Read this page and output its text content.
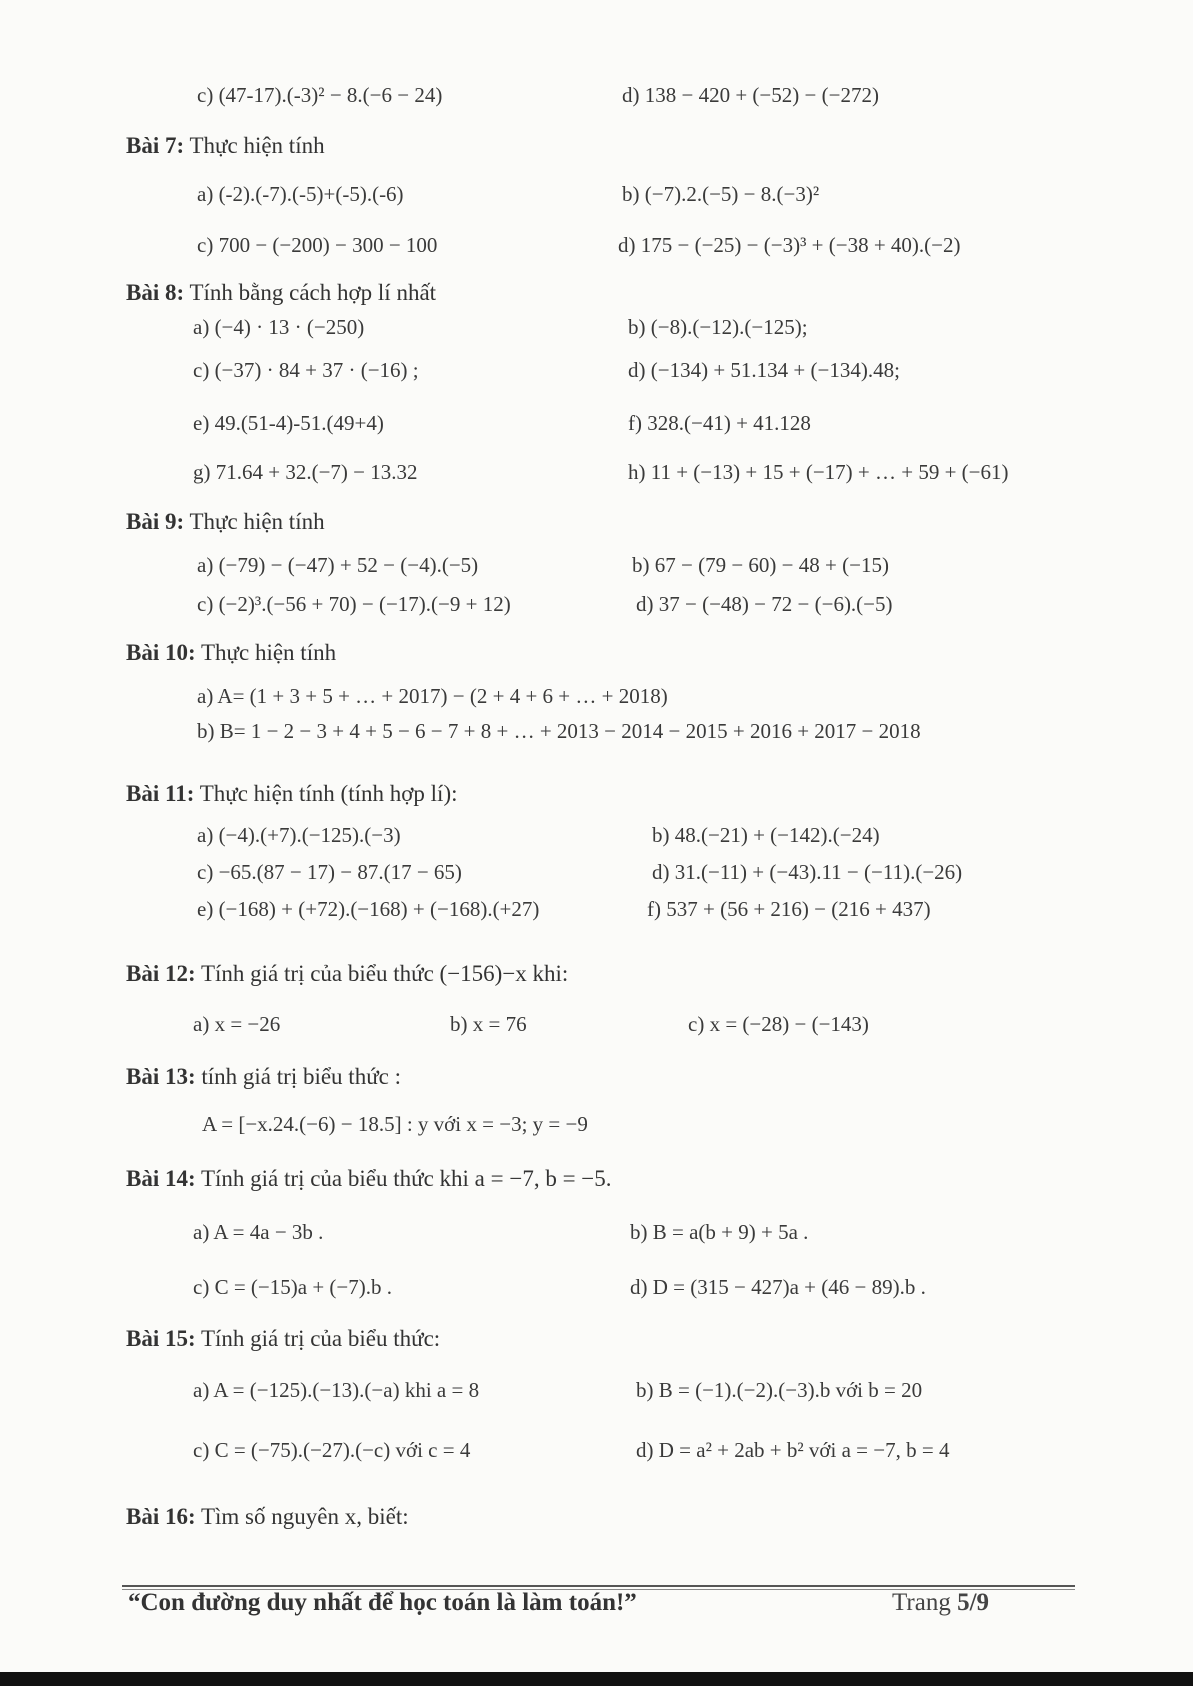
c) (47-17).(-3)² − 8.(−6 − 24)	d) 138 − 420 + (−52) − (−272)
Bài 7: Thực hiện tính
a) (-2).(-7).(-5)+(-5).(-6)	b) (−7).2.(−5) − 8.(−3)²
c) 700 − (−200) − 300 − 100	d) 175 − (−25) − (−3)³ + (−38 + 40).(−2)
Bài 8: Tính bằng cách hợp lí nhất
a) (−4) · 13 · (−250)	b) (−8).(−12).(−125);
c) (−37) · 84 + 37 · (−16) ;	d) (−134) + 51.134 + (−134).48;
e) 49.(51-4)-51.(49+4)	f) 328.(−41) + 41.128
g) 71.64 + 32.(−7) − 13.32	h) 11 + (−13) + 15 + (−17) + … + 59 + (−61)
Bài 9: Thực hiện tính
a) (−79) − (−47) + 52 − (−4).(−5)	b) 67 − (79 − 60) − 48 + (−15)
c) (−2)³.(−56 + 70) − (−17).(−9 + 12)	d) 37 − (−48) − 72 − (−6).(−5)
Bài 10: Thực hiện tính
a) A= (1 + 3 + 5 + … + 2017) − (2 + 4 + 6 + … + 2018)
b) B= 1 − 2 − 3 + 4 + 5 − 6 − 7 + 8 + … + 2013 − 2014 − 2015 + 2016 + 2017 − 2018
Bài 11: Thực hiện tính (tính hợp lí):
a) (−4).(+7).(−125).(−3)	b) 48.(−21) + (−142).(−24)
c) −65.(87 − 17) − 87.(17 − 65)	d) 31.(−11) + (−43).11 − (−11).(−26)
e) (−168) + (+72).(−168) + (−168).(+27)	f) 537 + (56 + 216) − (216 + 437)
Bài 12: Tính giá trị của biểu thức (−156)−x khi:
a) x = −26	b) x = 76	c) x = (−28) − (−143)
Bài 13: tính giá trị biểu thức :
A = [−x.24.(−6) − 18.5] : y với x = −3; y = −9
Bài 14: Tính giá trị của biểu thức khi a = −7, b = −5.
a) A = 4a − 3b .	b) B = a(b + 9) + 5a .
c) C = (−15)a + (−7).b .	d) D = (315 − 427)a + (46 − 89).b .
Bài 15: Tính giá trị của biểu thức:
a) A = (−125).(−13).(−a) khi a = 8	b) B = (−1).(−2).(−3).b với b = 20
c) C = (−75).(−27).(−c) với c = 4	d) D = a² + 2ab + b² với a = −7, b = 4
Bài 16: Tìm số nguyên x, biết:
“Con đường duy nhất để học toán là làm toán!”	Trang 5/9
